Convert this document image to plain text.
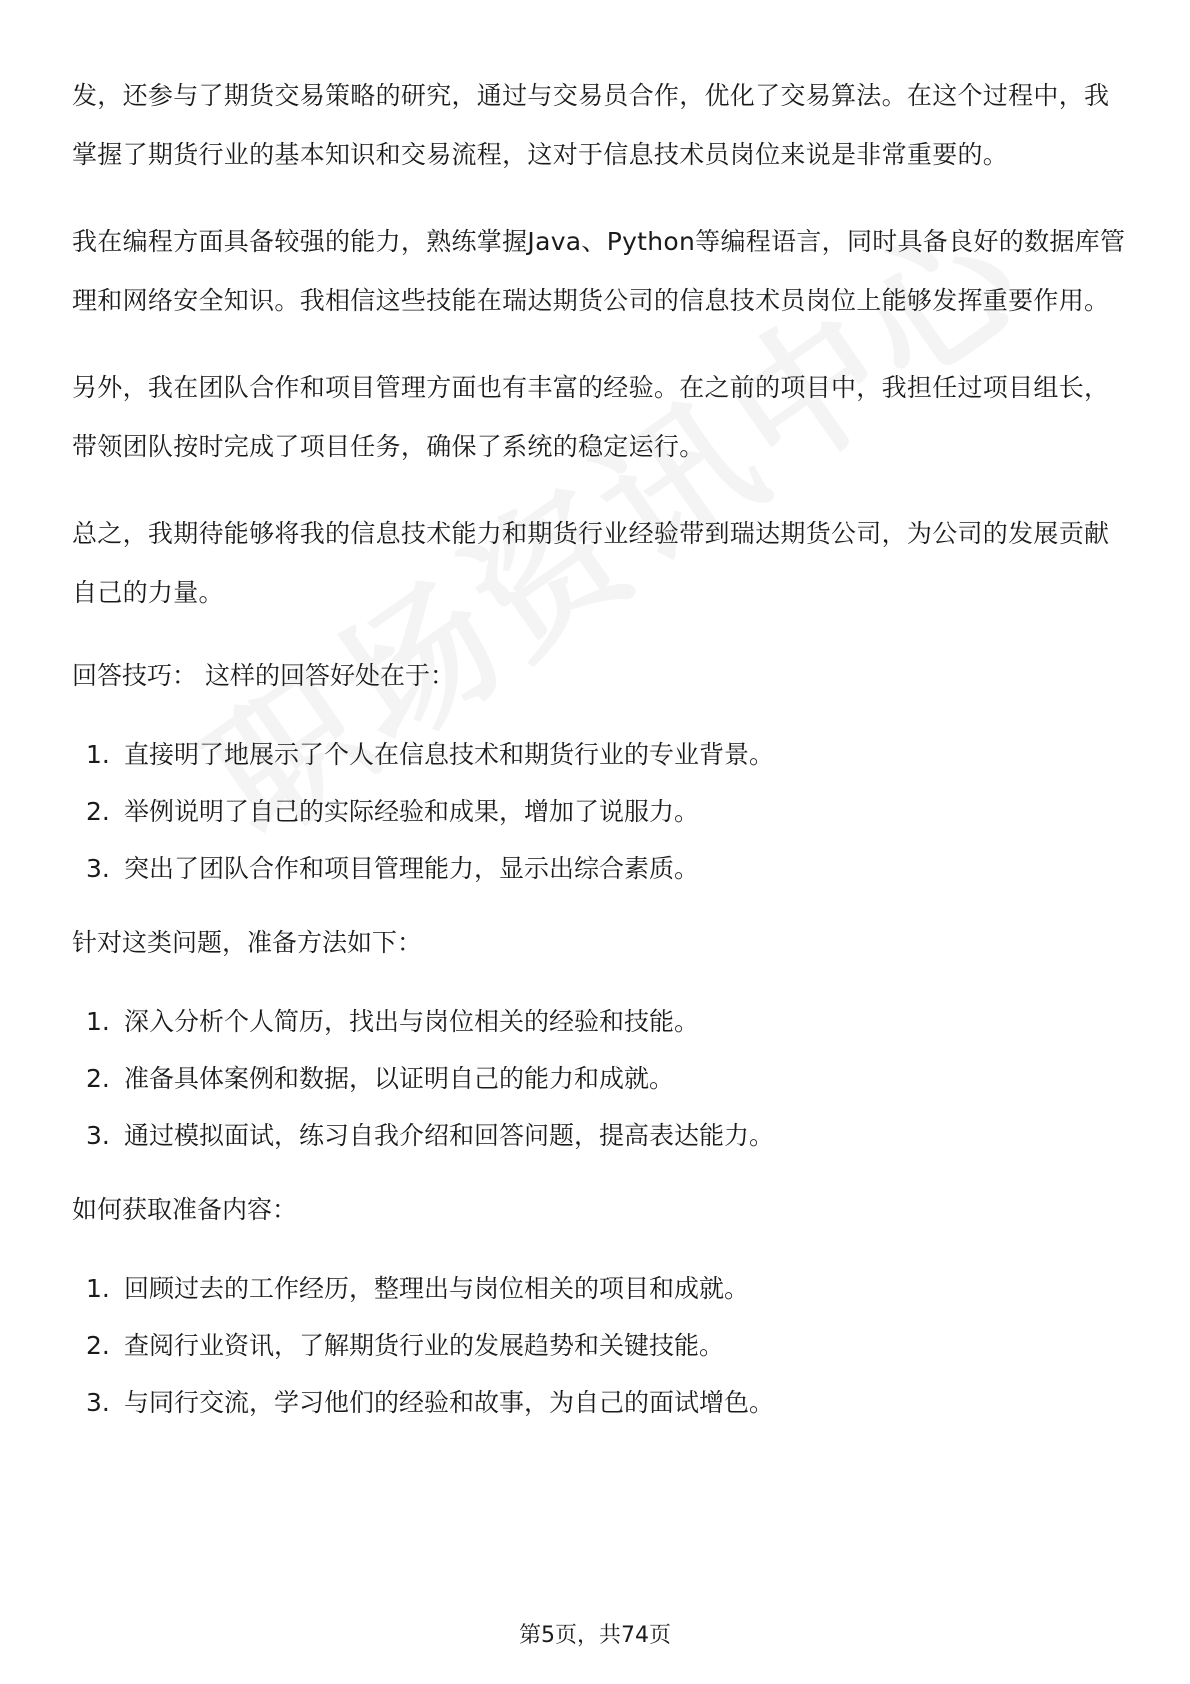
发，还参与了期货交易策略的研究，通过与交易员合作，优化了交易算法。在这个过程中，我掌握了期货行业的基本知识和交易流程，这对于信息技术员岗位来说是非常重要的。

我在编程方面具备较强的能力，熟练掌握Java、Python等编程语言，同时具备良好的数据库管理和网络安全知识。我相信这些技能在瑞达期货公司的信息技术员岗位上能够发挥重要作用。

另外，我在团队合作和项目管理方面也有丰富的经验。在之前的项目中，我担任过项目组长，带领团队按时完成了项目任务，确保了系统的稳定运行。

总之，我期待能够将我的信息技术能力和期货行业经验带到瑞达期货公司，为公司的发展贡献自己的力量。

回答技巧： 这样的回答好处在于：

1. 直接明了地展示了个人在信息技术和期货行业的专业背景。
2. 举例说明了自己的实际经验和成果，增加了说服力。
3. 突出了团队合作和项目管理能力，显示出综合素质。

针对这类问题，准备方法如下：

1. 深入分析个人简历，找出与岗位相关的经验和技能。
2. 准备具体案例和数据，以证明自己的能力和成就。
3. 通过模拟面试，练习自我介绍和回答问题，提高表达能力。

如何获取准备内容：

1. 回顾过去的工作经历，整理出与岗位相关的项目和成就。
2. 查阅行业资讯，了解期货行业的发展趋势和关键技能。
3. 与同行交流，学习他们的经验和故事，为自己的面试增色。
第5页，共74页
